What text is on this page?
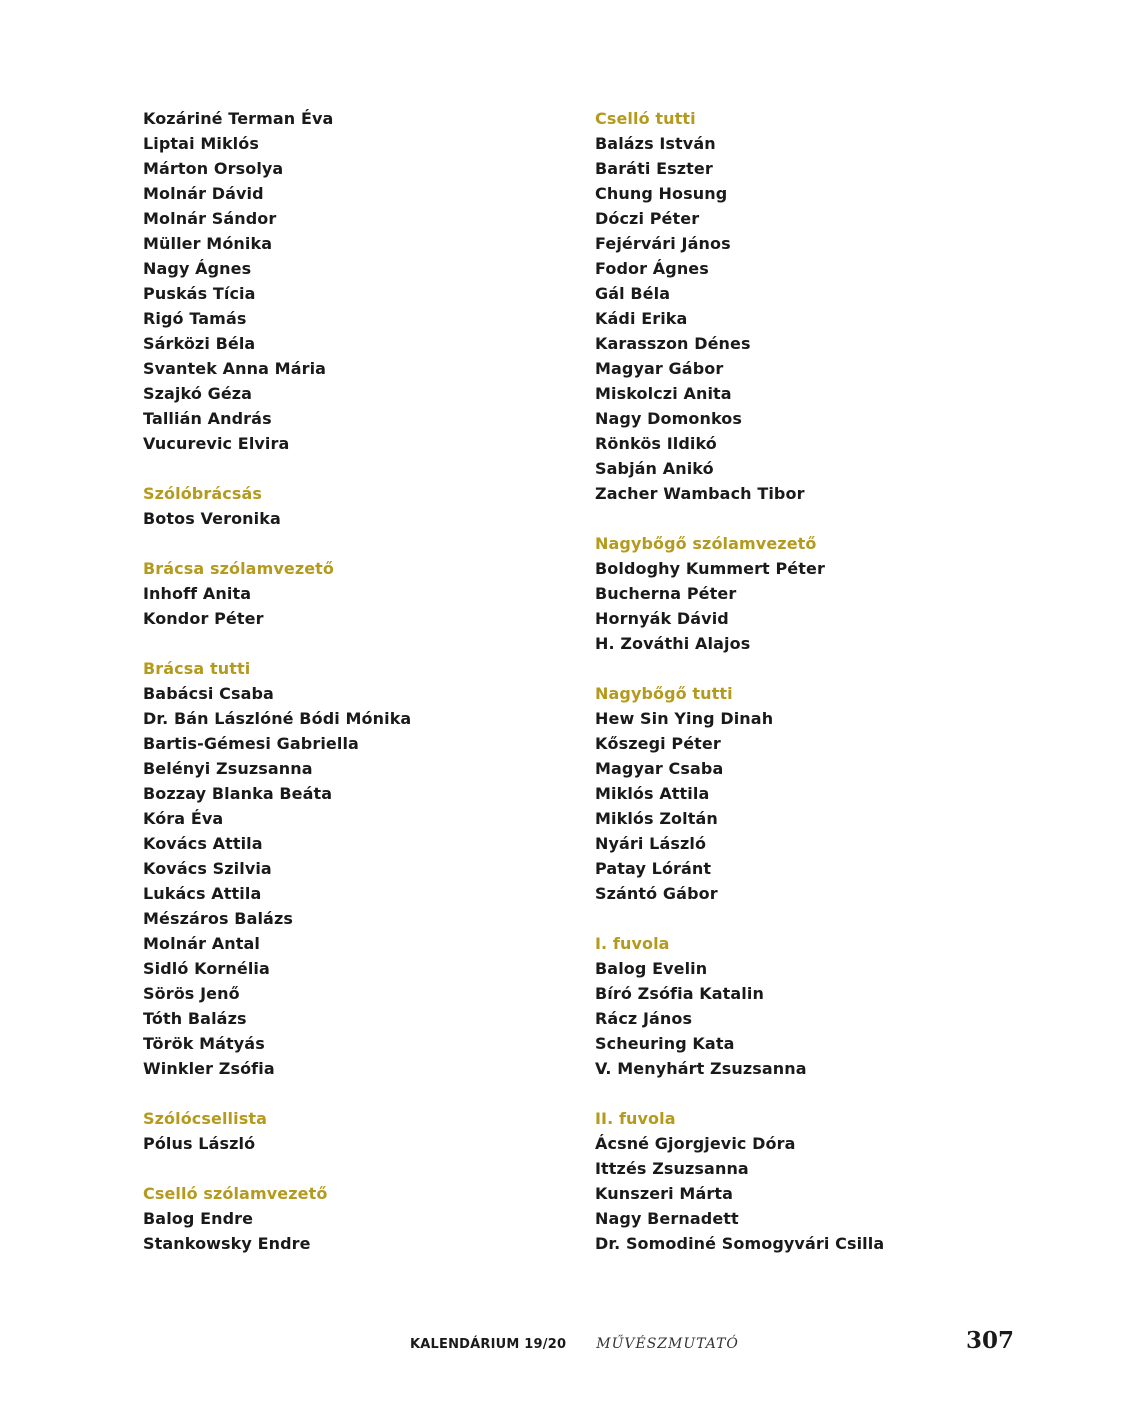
Kozáriné Terman Éva
Liptai Miklós
Márton Orsolya
Molnár Dávid
Molnár Sándor
Müller Mónika
Nagy Ágnes
Puskás Tícia
Rigó Tamás
Sárközi Béla
Svantek Anna Mária
Szajkó Géza
Tallián András
Vucurevic Elvira
Szólóbrácsás
Botos Veronika
Brácsa szólamvezető
Inhoff Anita
Kondor Péter
Brácsa tutti
Babácsi Csaba
Dr. Bán Lászlóné Bódi Mónika
Bartis-Gémesi Gabriella
Belényi Zsuzsanna
Bozzay Blanka Beáta
Kóra Éva
Kovács Attila
Kovács Szilvia
Lukács Attila
Mészáros Balázs
Molnár Antal
Sidló Kornélia
Sörös Jenő
Tóth Balázs
Török Mátyás
Winkler Zsófia
Szólócsellista
Pólus László
Cselló szólamvezető
Balog Endre
Stankowsky Endre
Cselló tutti
Balázs István
Baráti Eszter
Chung Hosung
Dóczi Péter
Fejérvári János
Fodor Ágnes
Gál Béla
Kádi Erika
Karasszon Dénes
Magyar Gábor
Miskolczi Anita
Nagy Domonkos
Rönkös Ildikó
Sabján Anikó
Zacher Wambach Tibor
Nagybőgő szólamvezető
Boldoghy Kummert Péter
Bucherna Péter
Hornyák Dávid
H. Zováthi Alajos
Nagybőgő tutti
Hew Sin Ying Dinah
Kőszegi Péter
Magyar Csaba
Miklós Attila
Miklós Zoltán
Nyári László
Patay Lóránt
Szántó Gábor
I. fuvola
Balog Evelin
Bíró Zsófia Katalin
Rácz János
Scheuring Kata
V. Menyhárt Zsuzsanna
II. fuvola
Ácsné Gjorgjevic Dóra
Ittzés Zsuzsanna
Kunszeri Márta
Nagy Bernadett
Dr. Somodiné Somogyvári Csilla
KALENDÁRIUM 19/20 MŰVÉSZMUTATÓ	307
